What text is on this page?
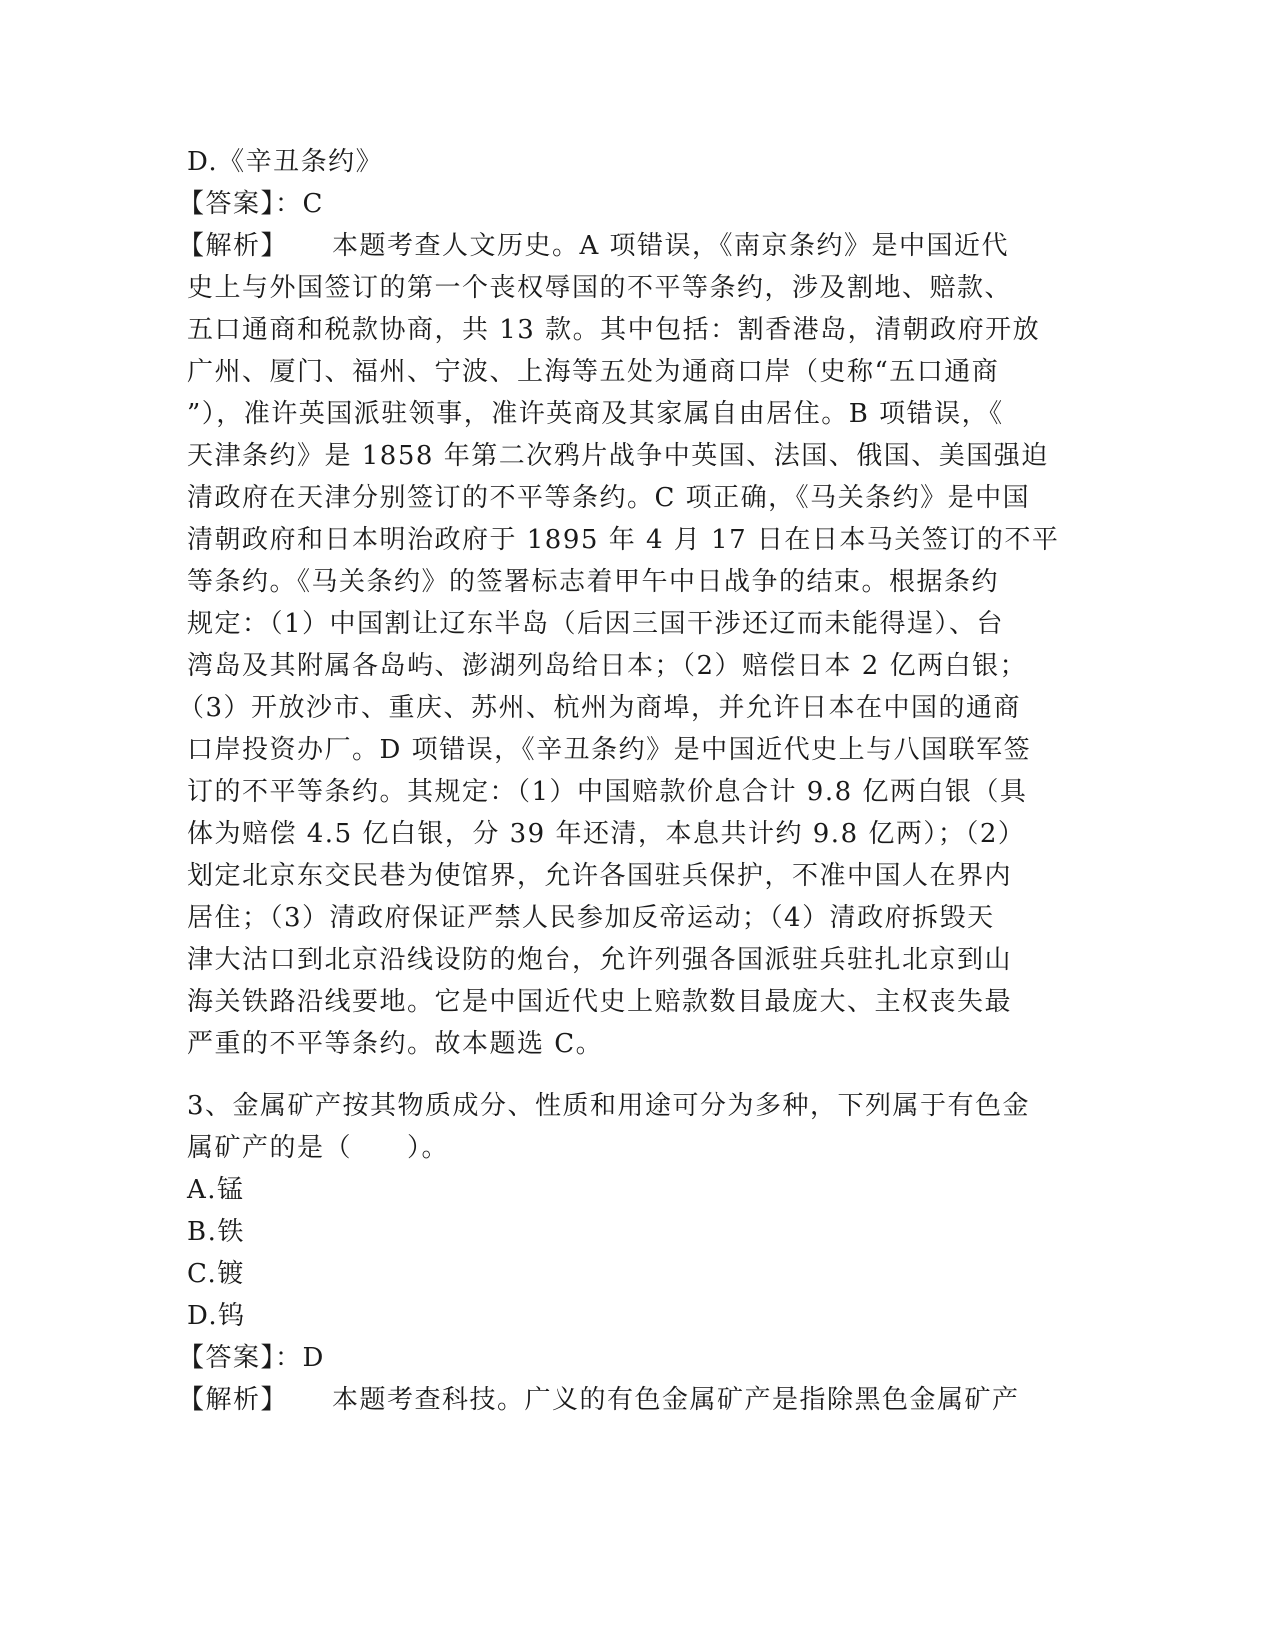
D.《辛丑条约》
【答案】：C
【解析】 本题考查人文历史。A 项错误，《南京条约》是中国近代
史上与外国签订的第一个丧权辱国的不平等条约，涉及割地、赔款、
五口通商和税款协商，共 13 款。其中包括：割香港岛，清朝政府开放
广州、厦门、福州、宁波、上海等五处为通商口岸（史称“五口通商
”），准许英国派驻领事，准许英商及其家属自由居住。B 项错误，《
天津条约》是 1858 年第二次鸦片战争中英国、法国、俄国、美国强迫
清政府在天津分别签订的不平等条约。C 项正确，《马关条约》是中国
清朝政府和日本明治政府于 1895 年 4 月 17 日在日本马关签订的不平
等条约。《马关条约》的签署标志着甲午中日战争的结束。根据条约
规定：（1）中国割让辽东半岛（后因三国干涉还辽而未能得逞）、台
湾岛及其附属各岛屿、澎湖列岛给日本；（2）赔偿日本 2 亿两白银；
（3）开放沙市、重庆、苏州、杭州为商埠，并允许日本在中国的通商
口岸投资办厂。D 项错误，《辛丑条约》是中国近代史上与八国联军签
订的不平等条约。其规定：（1）中国赔款价息合计 9.8 亿两白银（具
体为赔偿 4.5 亿白银，分 39 年还清，本息共计约 9.8 亿两）；（2）
划定北京东交民巷为使馆界，允许各国驻兵保护，不准中国人在界内
居住；（3）清政府保证严禁人民参加反帝运动；（4）清政府拆毁天
津大沽口到北京沿线设防的炮台，允许列强各国派驻兵驻扎北京到山
海关铁路沿线要地。它是中国近代史上赔款数目最庞大、主权丧失最
严重的不平等条约。故本题选 C。
3、金属矿产按其物质成分、性质和用途可分为多种，下列属于有色金
属矿产的是（　　）。
A.锰
B.铁
C.镀
D.钨
【答案】：D
【解析】 本题考查科技。广义的有色金属矿产是指除黑色金属矿产
